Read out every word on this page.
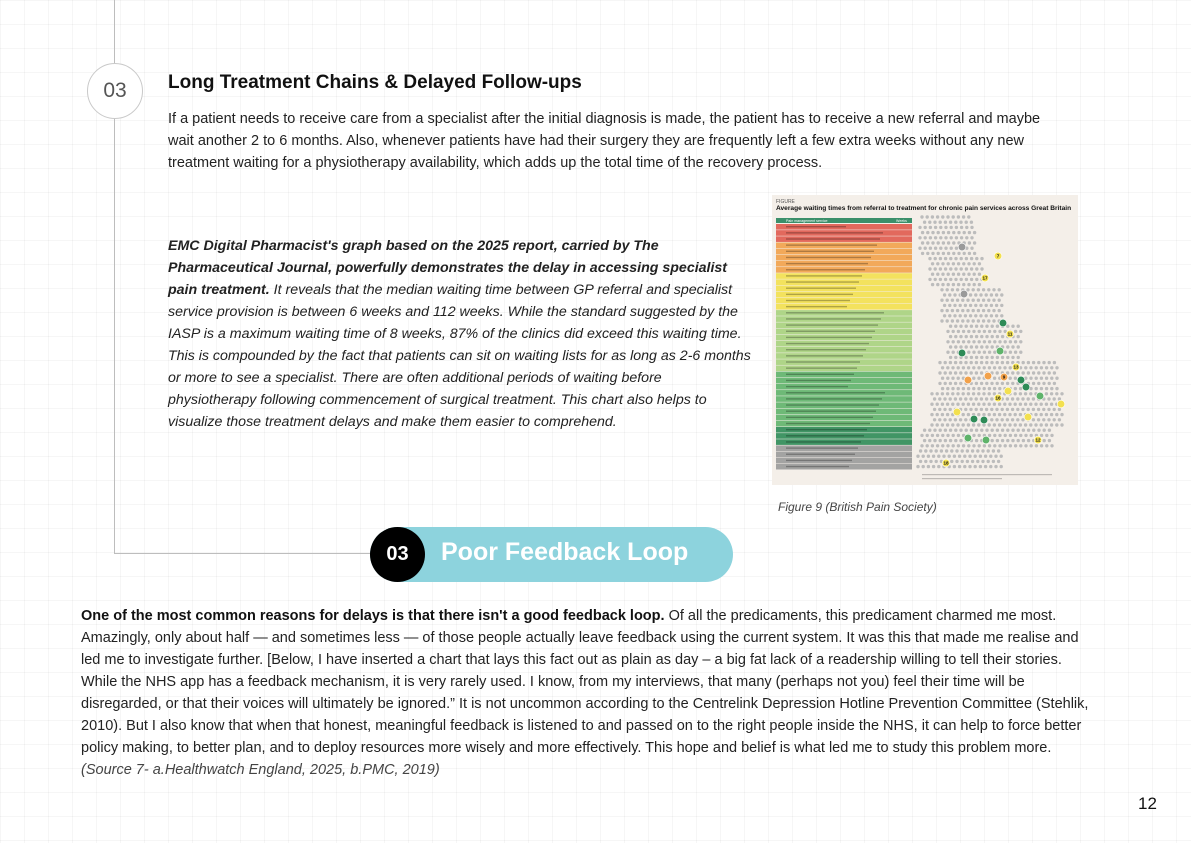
03	Long Treatment Chains & Delayed Follow-ups

If a patient needs to receive care from a specialist after the initial diagnosis is made, the patient has to receive a new referral and maybe wait another 2 to 6 months. Also, whenever patients have had their surgery they are frequently left a few extra weeks without any new treatment waiting for a physiotherapy availability, which adds up the total time of the recovery process.

EMC Digital Pharmacist's graph based on the 2025 report, carried by The Pharmaceutical Journal, powerfully demonstrates the delay in accessing specialist pain treatment. It reveals that the median waiting time between GP referral and specialist service provision is between 6 weeks and 112 weeks. While the standard suggested by the IASP is a maximum waiting time of 8 weeks, 87% of the clinics did exceed this waiting time. This is compounded by the fact that patients can sit on waiting lists for as long as 2-6 months or more to see a specialist. There are often additional periods of waiting before physiotherapy following commencement of surgical treatment. This chart also helps to visualize those treatment delays and make them easier to comprehend.

FIGURE
Average waiting times from referral to treatment for chronic pain services across Great Britain
Pain management service	Weeks
7
17
11
9
16
12
18
13
Figure 9 (British Pain Society)
03	Poor Feedback Loop

One of the most common reasons for delays is that there isn't a good feedback loop. Of all the predicaments, this predicament charmed me most. Amazingly, only about half — and sometimes less — of those people actually leave feedback using the current system. It was this that made me realise and led me to investigate further. [Below, I have inserted a chart that lays this fact out as plain as day – a big fat lack of a readership willing to tell their stories. While the NHS app has a feedback mechanism, it is very rarely used. I know, from my interviews, that many (perhaps not you) feel their time will be disregarded, or that their voices will ultimately be ignored.” It is not uncommon according to the Centrelink Depression Hotline Prevention Committee (Stehlik, 2010). But I also know that when that honest, meaningful feedback is listened to and passed on to the right people inside the NHS, it can help to force better policy making, to better plan, and to deploy resources more wisely and more effectively. This hope and belief is what led me to study this problem more. (Source 7- a.Healthwatch England, 2025, b.PMC, 2019)

12
